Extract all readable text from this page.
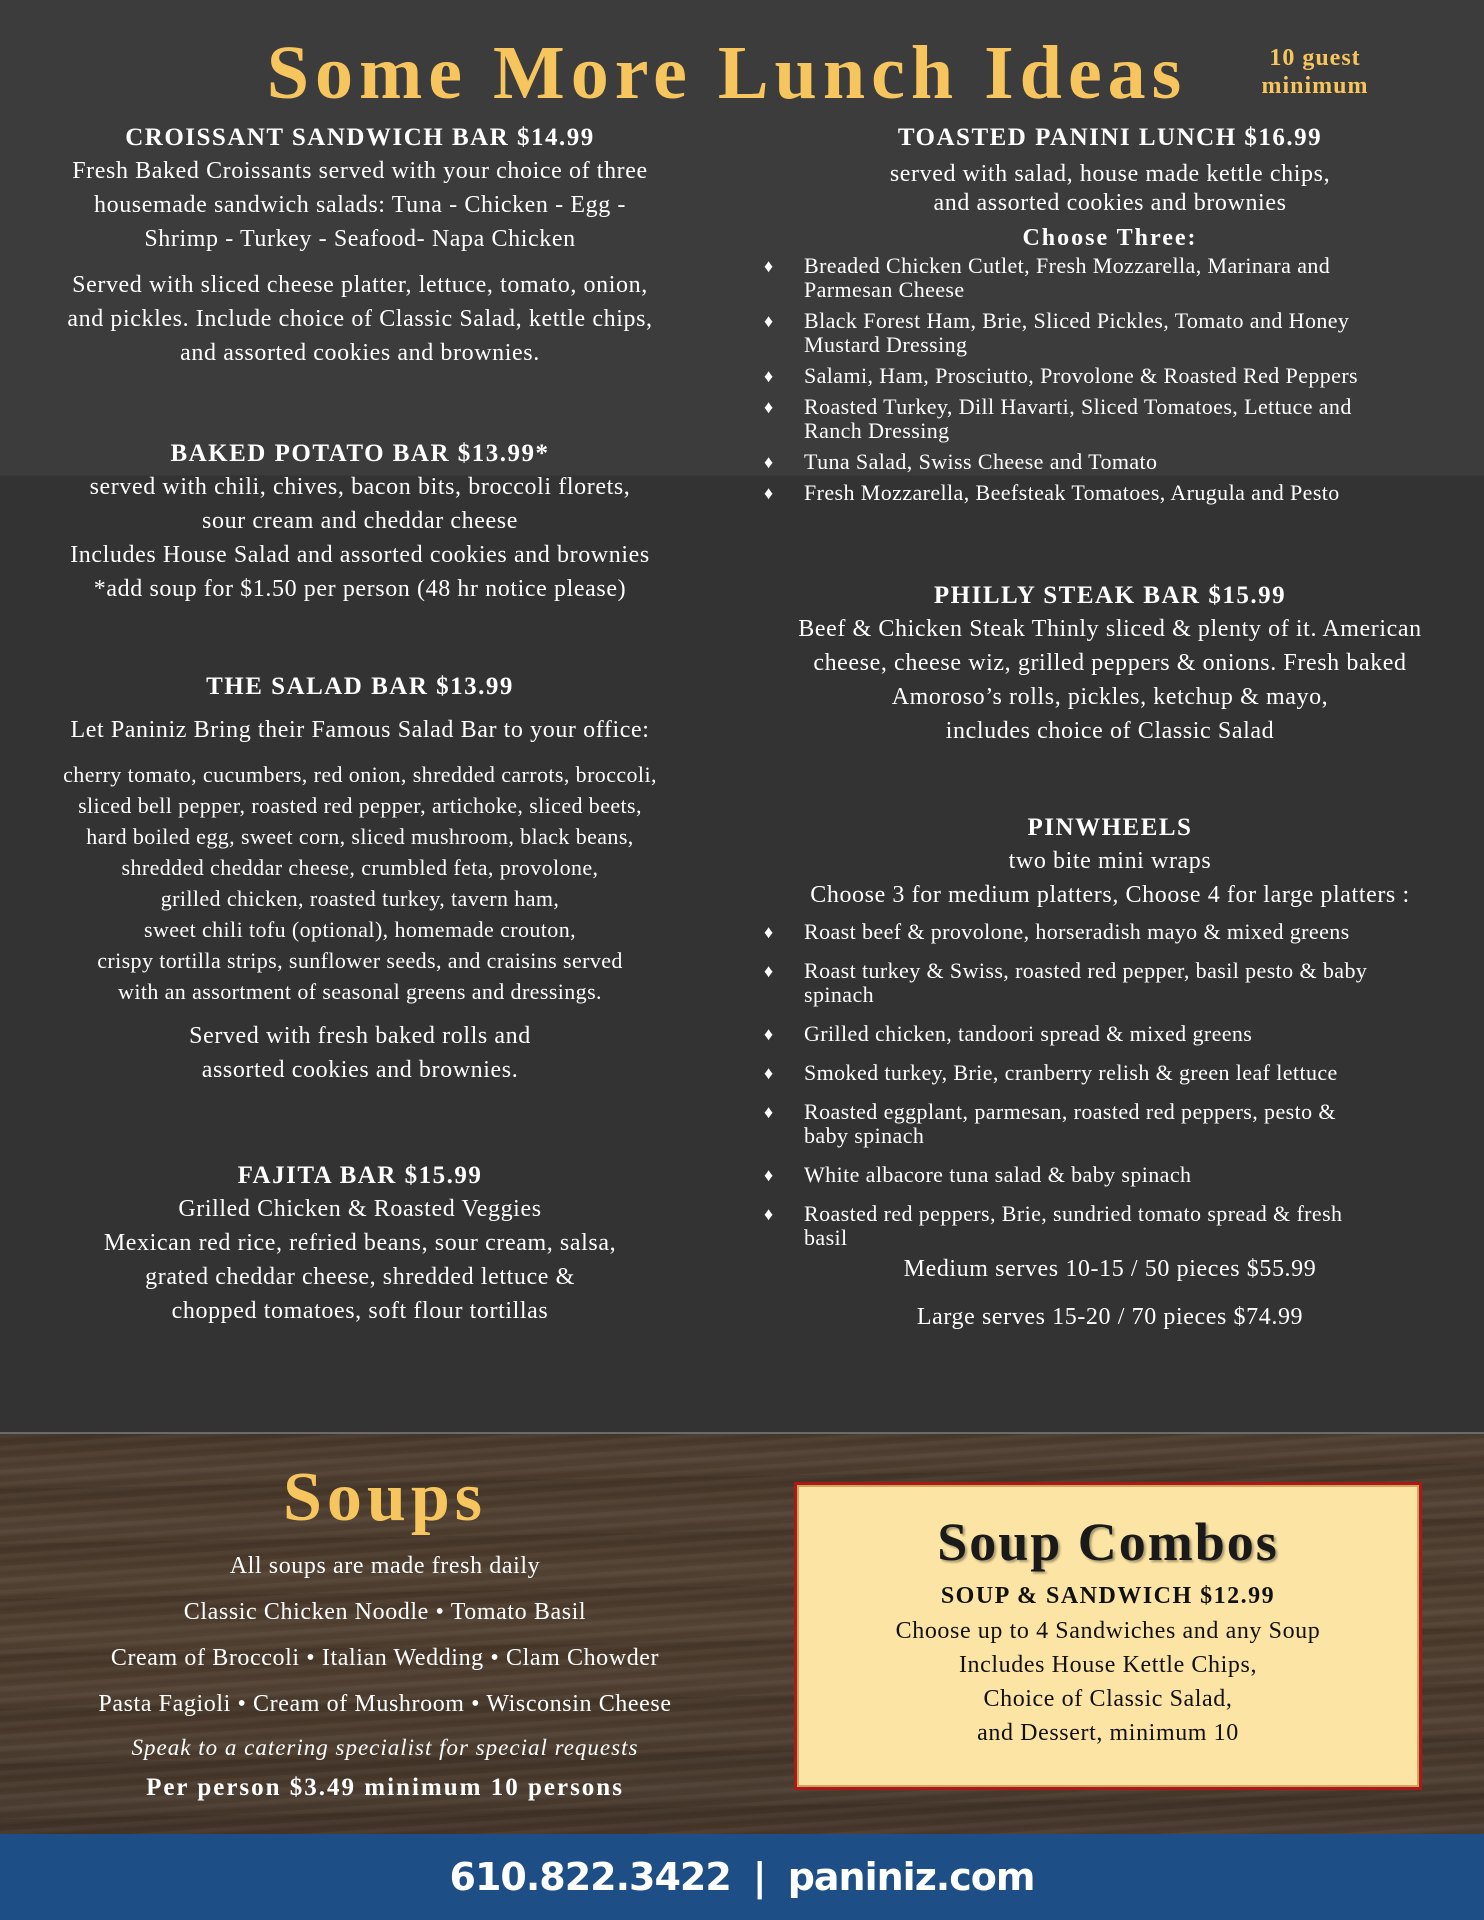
Some More Lunch Ideas	10 guest
minimum
CROISSANT SANDWICH BAR $14.99
Fresh Baked Croissants served with your choice of three
housemade sandwich salads: Tuna - Chicken - Egg -
Shrimp - Turkey - Seafood- Napa Chicken
Served with sliced cheese platter, lettuce, tomato, onion,
and pickles. Include choice of Classic Salad, kettle chips,
and assorted cookies and brownies.
BAKED POTATO BAR $13.99*
served with chili, chives, bacon bits, broccoli florets,
sour cream and cheddar cheese
Includes House Salad and assorted cookies and brownies
*add soup for $1.50 per person (48 hr notice please)
THE SALAD BAR $13.99
Let Paniniz Bring their Famous Salad Bar to your office:
cherry tomato, cucumbers, red onion, shredded carrots, broccoli,
sliced bell pepper, roasted red pepper, artichoke, sliced beets,
hard boiled egg, sweet corn, sliced mushroom, black beans,
shredded cheddar cheese, crumbled feta, provolone,
grilled chicken, roasted turkey, tavern ham,
sweet chili tofu (optional), homemade crouton,
crispy tortilla strips, sunflower seeds, and craisins served
with an assortment of seasonal greens and dressings.
Served with fresh baked rolls and
assorted cookies and brownies.
FAJITA BAR $15.99
Grilled Chicken & Roasted Veggies
Mexican red rice, refried beans, sour cream, salsa,
grated cheddar cheese, shredded lettuce &
chopped tomatoes, soft flour tortillas
TOASTED PANINI LUNCH $16.99
served with salad, house made kettle chips,
and assorted cookies and brownies
Choose Three:
♦ Breaded Chicken Cutlet, Fresh Mozzarella, Marinara and
Parmesan Cheese
♦ Black Forest Ham, Brie, Sliced Pickles, Tomato and Honey
Mustard Dressing
♦ Salami, Ham, Prosciutto, Provolone & Roasted Red Peppers
♦ Roasted Turkey, Dill Havarti, Sliced Tomatoes, Lettuce and
Ranch Dressing
♦ Tuna Salad, Swiss Cheese and Tomato
♦ Fresh Mozzarella, Beefsteak Tomatoes, Arugula and Pesto
PHILLY STEAK BAR $15.99
Beef & Chicken Steak Thinly sliced & plenty of it. American
cheese, cheese wiz, grilled peppers & onions. Fresh baked
Amoroso’s rolls, pickles, ketchup & mayo,
includes choice of Classic Salad
PINWHEELS
two bite mini wraps
Choose 3 for medium platters, Choose 4 for large platters :
♦ Roast beef & provolone, horseradish mayo & mixed greens
♦ Roast turkey & Swiss, roasted red pepper, basil pesto & baby
spinach
♦ Grilled chicken, tandoori spread & mixed greens
♦ Smoked turkey, Brie, cranberry relish & green leaf lettuce
♦ Roasted eggplant, parmesan, roasted red peppers, pesto &
baby spinach
♦ White albacore tuna salad & baby spinach
♦ Roasted red peppers, Brie, sundried tomato spread & fresh
basil
Medium serves 10-15 / 50 pieces $55.99
Large serves 15-20 / 70 pieces $74.99
Soups
All soups are made fresh daily
Classic Chicken Noodle • Tomato Basil
Cream of Broccoli • Italian Wedding • Clam Chowder
Pasta Fagioli • Cream of Mushroom • Wisconsin Cheese
Speak to a catering specialist for special requests
Per person $3.49 minimum 10 persons
Soup Combos
SOUP & SANDWICH $12.99
Choose up to 4 Sandwiches and any Soup
Includes House Kettle Chips,
Choice of Classic Salad,
and Dessert, minimum 10
610.822.3422 | paniniz.com
